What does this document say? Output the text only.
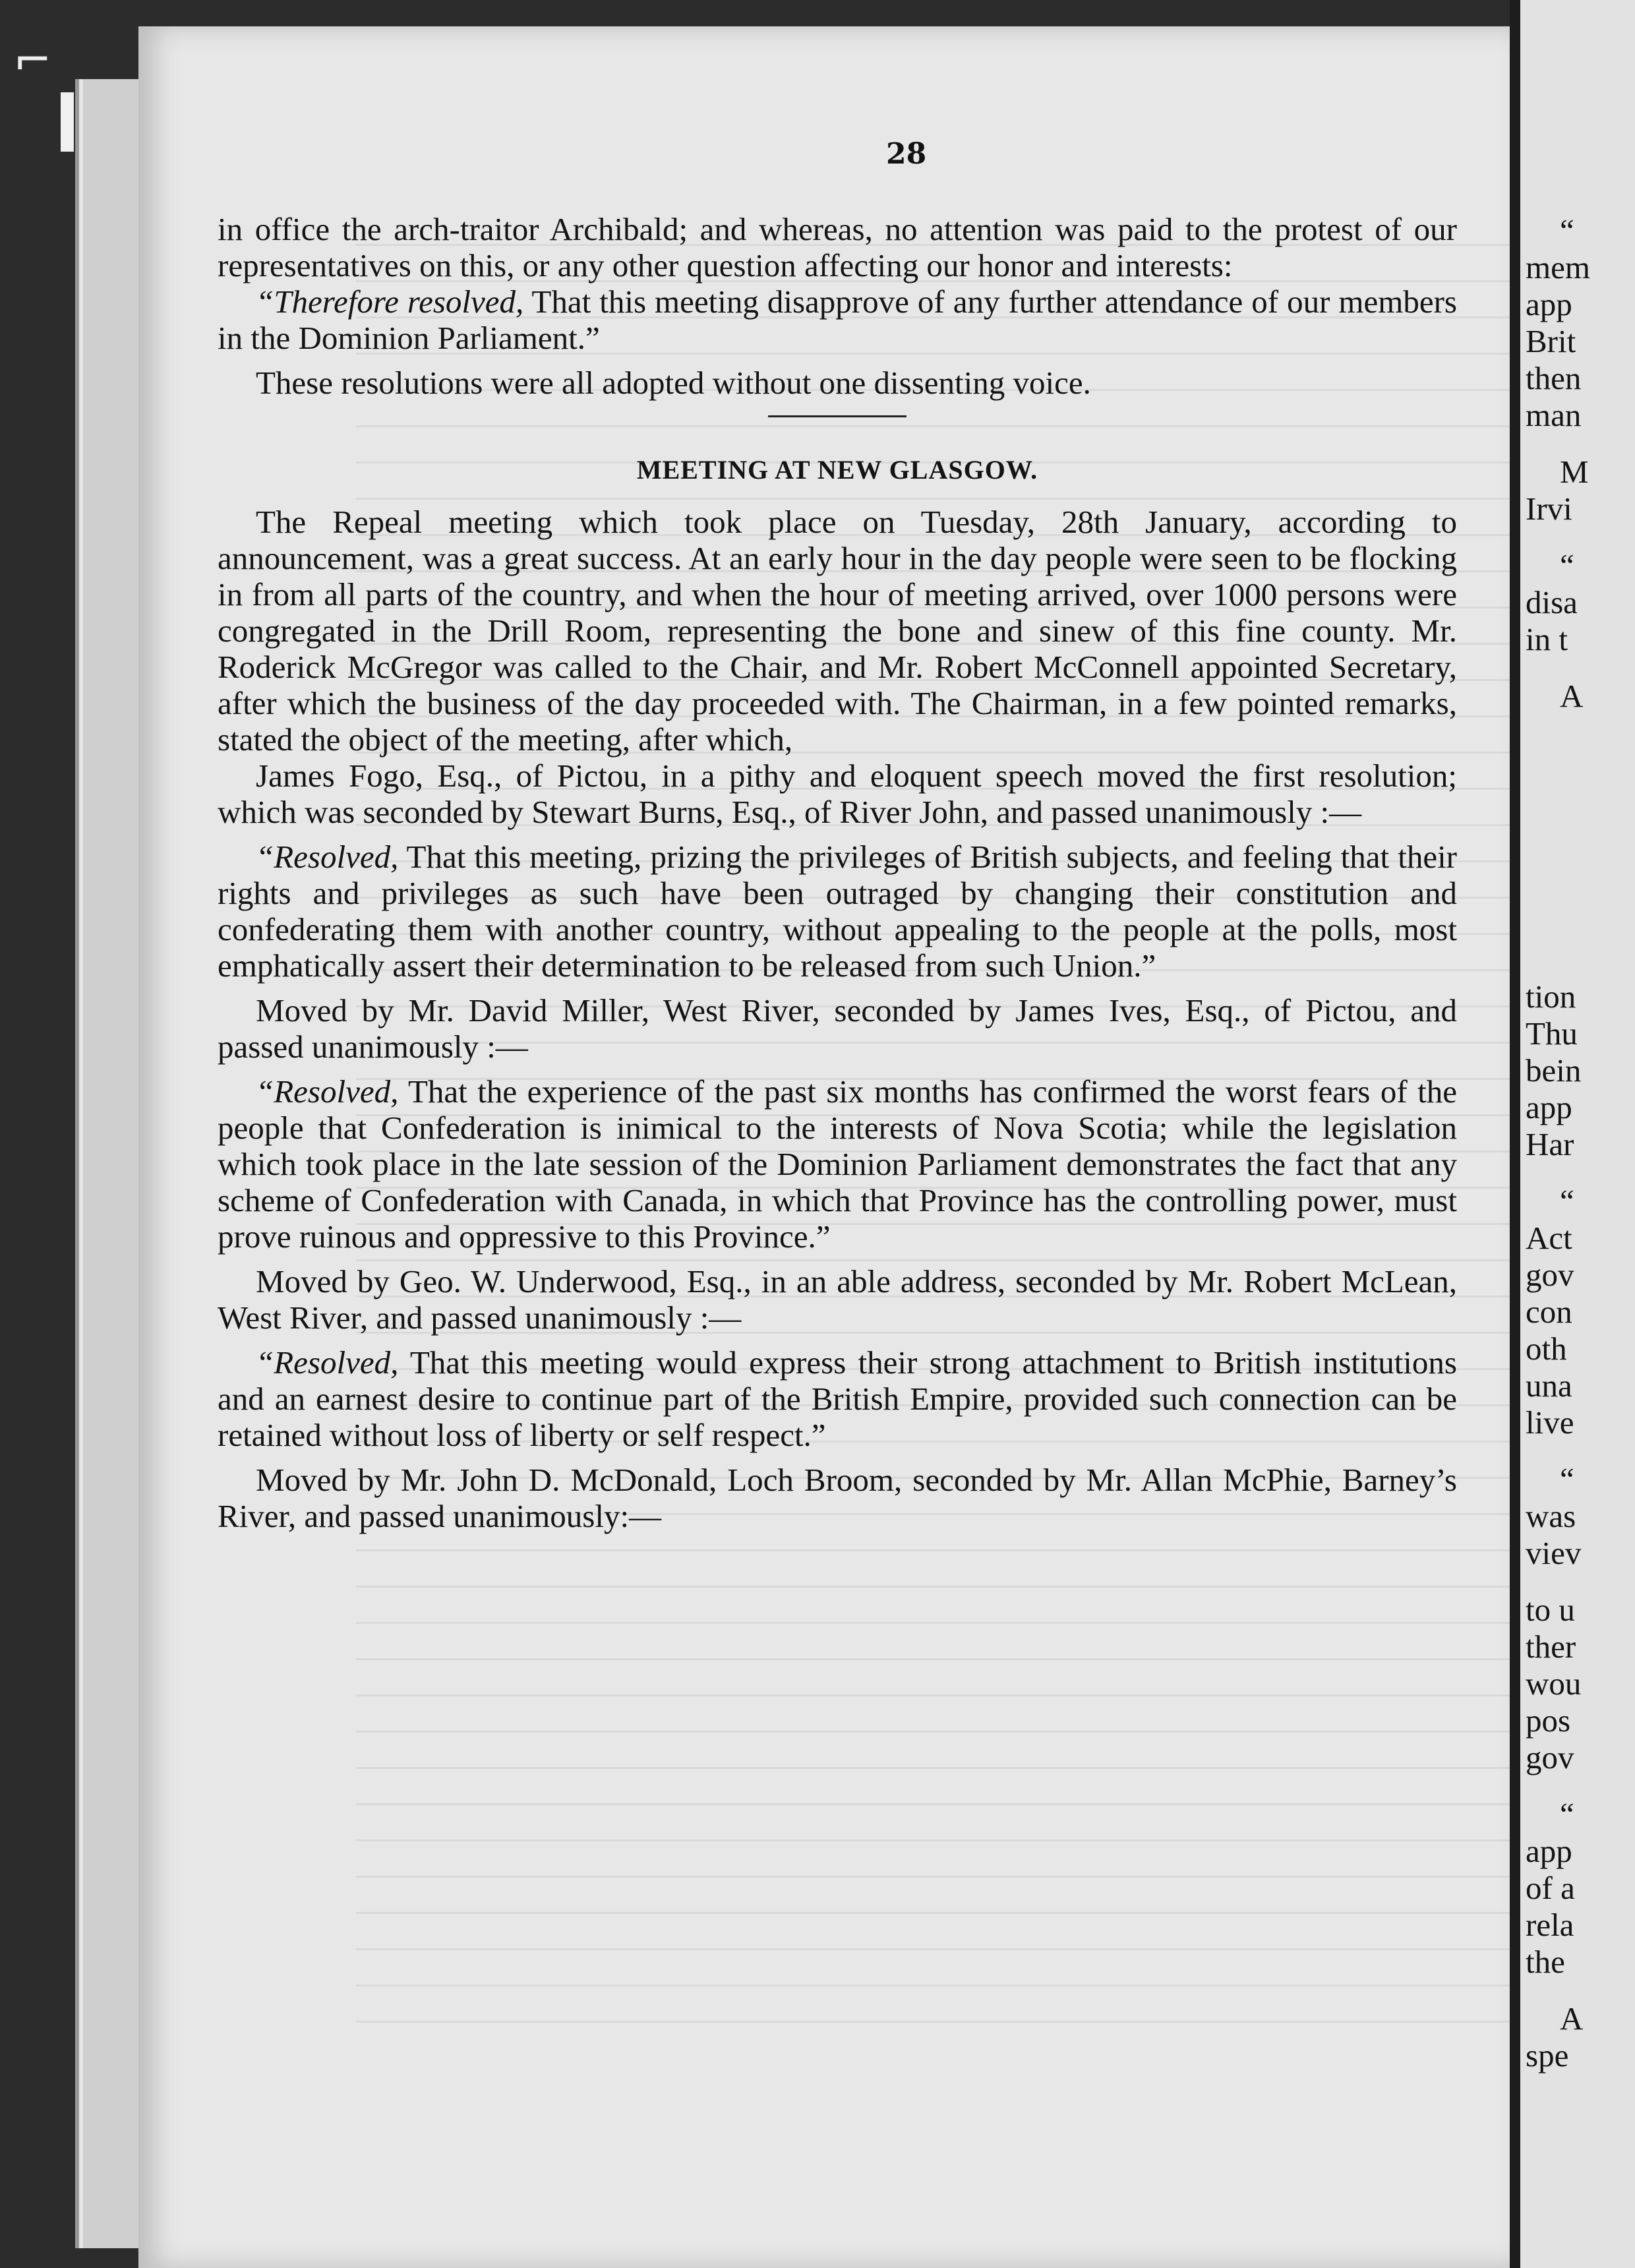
⌐
28

in office the arch-traitor Archibald; and whereas, no attention was paid to the protest of our representatives on this, or any other question affecting our honor and interests:

“Therefore resolved, That this meeting disapprove of any further attendance of our members in the Dominion Parliament.”

These resolutions were all adopted without one dissenting voice.

MEETING AT NEW GLASGOW.

The Repeal meeting which took place on Tuesday, 28th January, according to announcement, was a great success. At an early hour in the day people were seen to be flocking in from all parts of the country, and when the hour of meeting arrived, over 1000 persons were congregated in the Drill Room, representing the bone and sinew of this fine county. Mr. Roderick McGregor was called to the Chair, and Mr. Robert McConnell appointed Secretary, after which the business of the day proceeded with. The Chairman, in a few pointed remarks, stated the object of the meeting, after which,

James Fogo, Esq., of Pictou, in a pithy and eloquent speech moved the first resolution; which was seconded by Stewart Burns, Esq., of River John, and passed unanimously :—

“Resolved, That this meeting, prizing the privileges of British subjects, and feeling that their rights and privileges as such have been outraged by changing their constitution and confederating them with another country, without appealing to the people at the polls, most emphatically assert their determination to be released from such Union.”

Moved by Mr. David Miller, West River, seconded by James Ives, Esq., of Pictou, and passed unanimously :—

“Resolved, That the experience of the past six months has confirmed the worst fears of the people that Confederation is inimical to the interests of Nova Scotia; while the legislation which took place in the late session of the Dominion Parliament demonstrates the fact that any scheme of Confederation with Canada, in which that Province has the controlling power, must prove ruinous and oppressive to this Province.”

Moved by Geo. W. Underwood, Esq., in an able address, seconded by Mr. Robert McLean, West River, and passed unanimously :—

“Resolved, That this meeting would express their strong attachment to British institutions and an earnest desire to continue part of the British Empire, provided such connection can be retained without loss of liberty or self respect.”

Moved by Mr. John D. McDonald, Loch Broom, seconded by Mr. Allan McPhie, Barney’s River, and passed unanimously:—

“
mem
app
Brit
then
man
M
Irvi
“
disa
in t
A
tion
Thu
bein
app
Har
“
Act
gov
con
oth
una
live
“
was
viev
to u
ther
wou
pos
gov
“
app
of a
rela
the
A
spe
